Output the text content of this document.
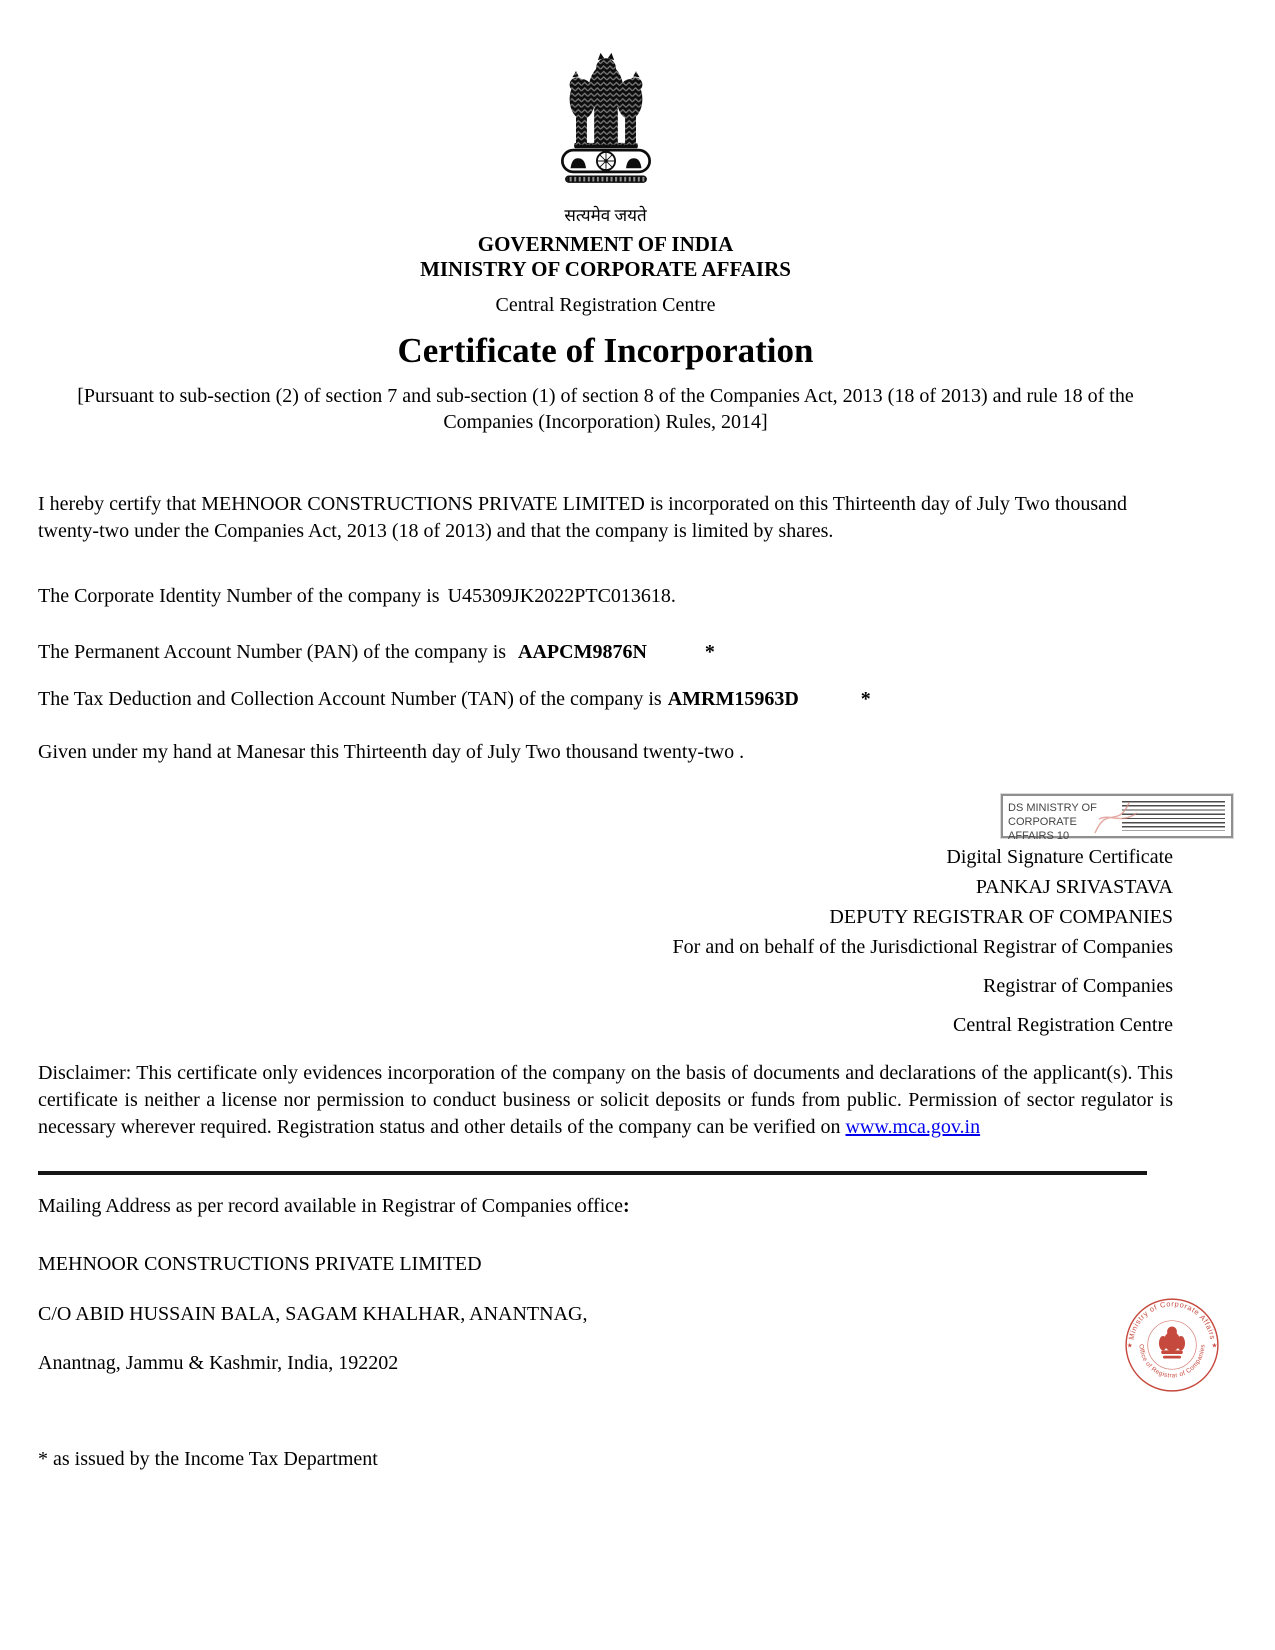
सत्यमेव जयते
GOVERNMENT OF INDIA
MINISTRY OF CORPORATE AFFAIRS
Central Registration Centre
Certificate of Incorporation
[Pursuant to sub-section (2) of section 7 and sub-section (1) of section 8 of the Companies Act, 2013 (18 of 2013) and rule 18 of the Companies (Incorporation) Rules, 2014]
I hereby certify that MEHNOOR CONSTRUCTIONS PRIVATE LIMITED is incorporated on this Thirteenth day of July Two thousand twenty-two under the Companies Act, 2013 (18 of 2013) and that the company is limited by shares.
The Corporate Identity Number of the company is U45309JK2022PTC013618.
The Permanent Account Number (PAN) of the company is AAPCM9876N	*
The Tax Deduction and Collection Account Number (TAN) of the company is AMRM15963D	*
Given under my hand at Manesar this Thirteenth day of July Two thousand twenty-two .
DS MINISTRY OF CORPORATE AFFAIRS 10
Digital Signature Certificate
PANKAJ SRIVASTAVA
DEPUTY REGISTRAR OF COMPANIES
For and on behalf of the Jurisdictional Registrar of Companies
Registrar of Companies
Central Registration Centre
Disclaimer: This certificate only evidences incorporation of the company on the basis of documents and declarations of the applicant(s). This certificate is neither a license nor permission to conduct business or solicit deposits or funds from public. Permission of sector regulator is necessary wherever required. Registration status and other details of the company can be verified on www.mca.gov.in
Mailing Address as per record available in Registrar of Companies office:
MEHNOOR CONSTRUCTIONS PRIVATE LIMITED
C/O ABID HUSSAIN BALA, SAGAM KHALHAR, ANANTNAG,
Anantnag, Jammu & Kashmir, India, 192202
* as issued by the Income Tax Department
Ministry of Corporate Affairs
Office of Registrar of Companies
★	★
